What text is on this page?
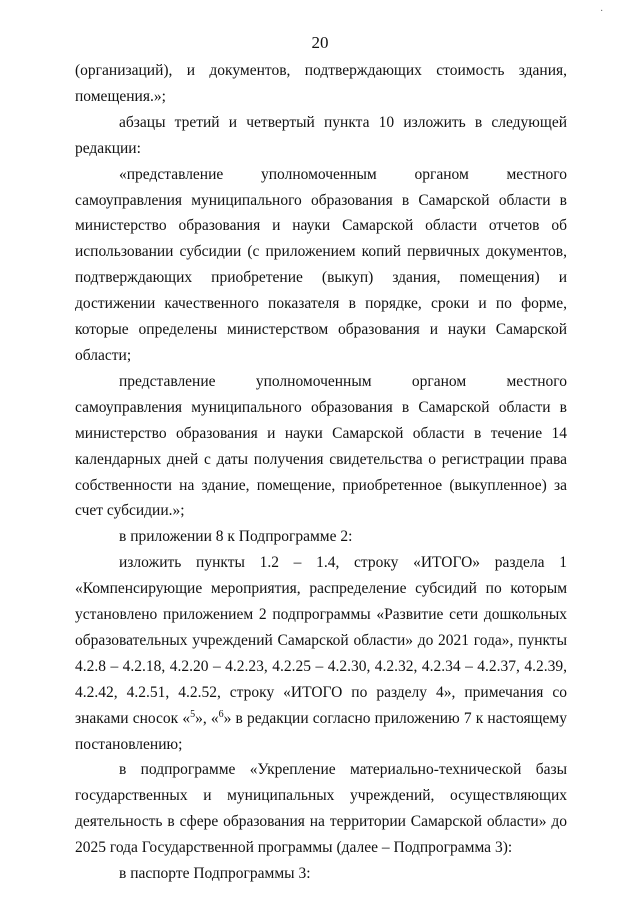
·
20

(организаций), и документов, подтверждающих стоимость здания, помещения.»;

абзацы третий и четвертый пункта 10 изложить в следующей редакции:

«представление уполномоченным органом местного самоуправления муниципального образования в Самарской области в министерство образования и науки Самарской области отчетов об использовании субсидии (с приложением копий первичных документов, подтверждающих приобретение (выкуп) здания, помещения) и достижении качественного показателя в порядке, сроки и по форме, которые определены министерством образования и науки Самарской области;

представление уполномоченным органом местного самоуправления муниципального образования в Самарской области в министерство образования и науки Самарской области в течение 14 календарных дней с даты получения свидетельства о регистрации права собственности на здание, помещение, приобретенное (выкупленное) за счет субсидии.»;

в приложении 8 к Подпрограмме 2:

изложить пункты 1.2 – 1.4, строку «ИТОГО» раздела 1 «Компенсирующие мероприятия, распределение субсидий по которым установлено приложением 2 подпрограммы «Развитие сети дошкольных образовательных учреждений Самарской области» до 2021 года», пункты 4.2.8 – 4.2.18, 4.2.20 – 4.2.23, 4.2.25 – 4.2.30, 4.2.32, 4.2.34 – 4.2.37, 4.2.39, 4.2.42, 4.2.51, 4.2.52, строку «ИТОГО по разделу 4», примечания со знаками сносок «$^5$», «$^6$» в редакции согласно приложению 7 к настоящему постановлению;

в подпрограмме «Укрепление материально-технической базы государственных и муниципальных учреждений, осуществляющих деятельность в сфере образования на территории Самарской области» до 2025 года Государственной программы (далее – Подпрограмма 3):

в паспорте Подпрограммы 3:
